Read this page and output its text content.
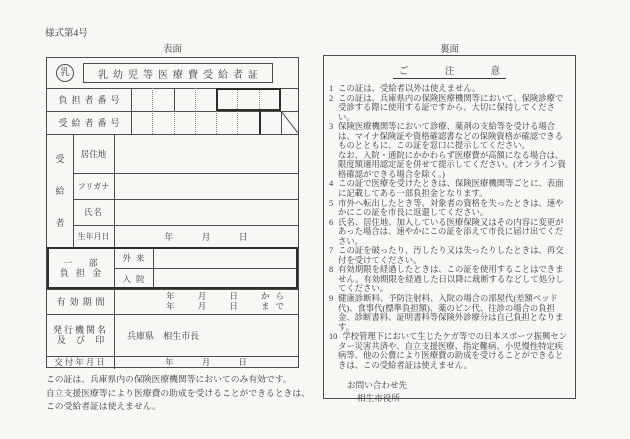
様式第4号
表面	裏面
乳	乳幼児等医療費受給者証
負担者番号
受給者番号
受
給
者
居住地
フリガナ
氏名
生年月日	年 月 日
一 部
負 担 金
外来
入院
有効期間
年 月 日 から
年 月 日 まで
発行機関名
及 び 印	兵庫県 相生市長
交付年月日	年 月 日
この証は、兵庫県内の保険医療機関等においてのみ有効です。
自立支援医療等により医療費の助成を受けることができるときは、この受給者証は使えません。
ご 注 意
1 この証は、受給者以外は使えません。
2 この証は、兵庫県内の保険医療機関等において、保険診療で受診する際に使用する証ですから、大切に保持してください。
3 保険医療機関等において診療、薬剤の支給等を受ける場合は、マイナ保険証や資格確認書などの保険資格が確認できるものとともに、この証を窓口に提示してください。
なお、入院・通院にかかわらず医療費が高額になる場合は、限度額適用認定証を併せて提示してください。(オンライン資格確認ができる場合を除く。)
4 この証で医療を受けたときは、保険医療機関等ごとに、表面に記載してある一部負担金となります。
5 市外へ転出したとき等、対象者の資格を失ったときは、速やかにこの証を市長に返還してください。
6 氏名、居住地、加入している医療保険又はその内容に変更があった場合は、速やかにこの証を添えて市長に届け出てください。
7 この証を破ったり、汚したり又は失ったりしたときは、再交付を受けてください。
8 有効期限を経過したときは、この証を使用することはできません。有効期限を経過した日以降に裁断するなどして処分してください。
9 健康診断料、予防注射料、入院の場合の部屋代(差額ベッド代)、食事代(標準負担額)、薬のビン代、往診の場合の負担金、診断書料、証明書料等保険外診療分は自己負担となります。
10 学校管理下において生じたケガ等での日本スポーツ振興センター災害共済や、自立支援医療、指定難病、小児慢性特定疾病等、他の公費により医療費の助成を受けることができるときは、この受給者証は使えません。
お問い合わせ先
相生市役所
